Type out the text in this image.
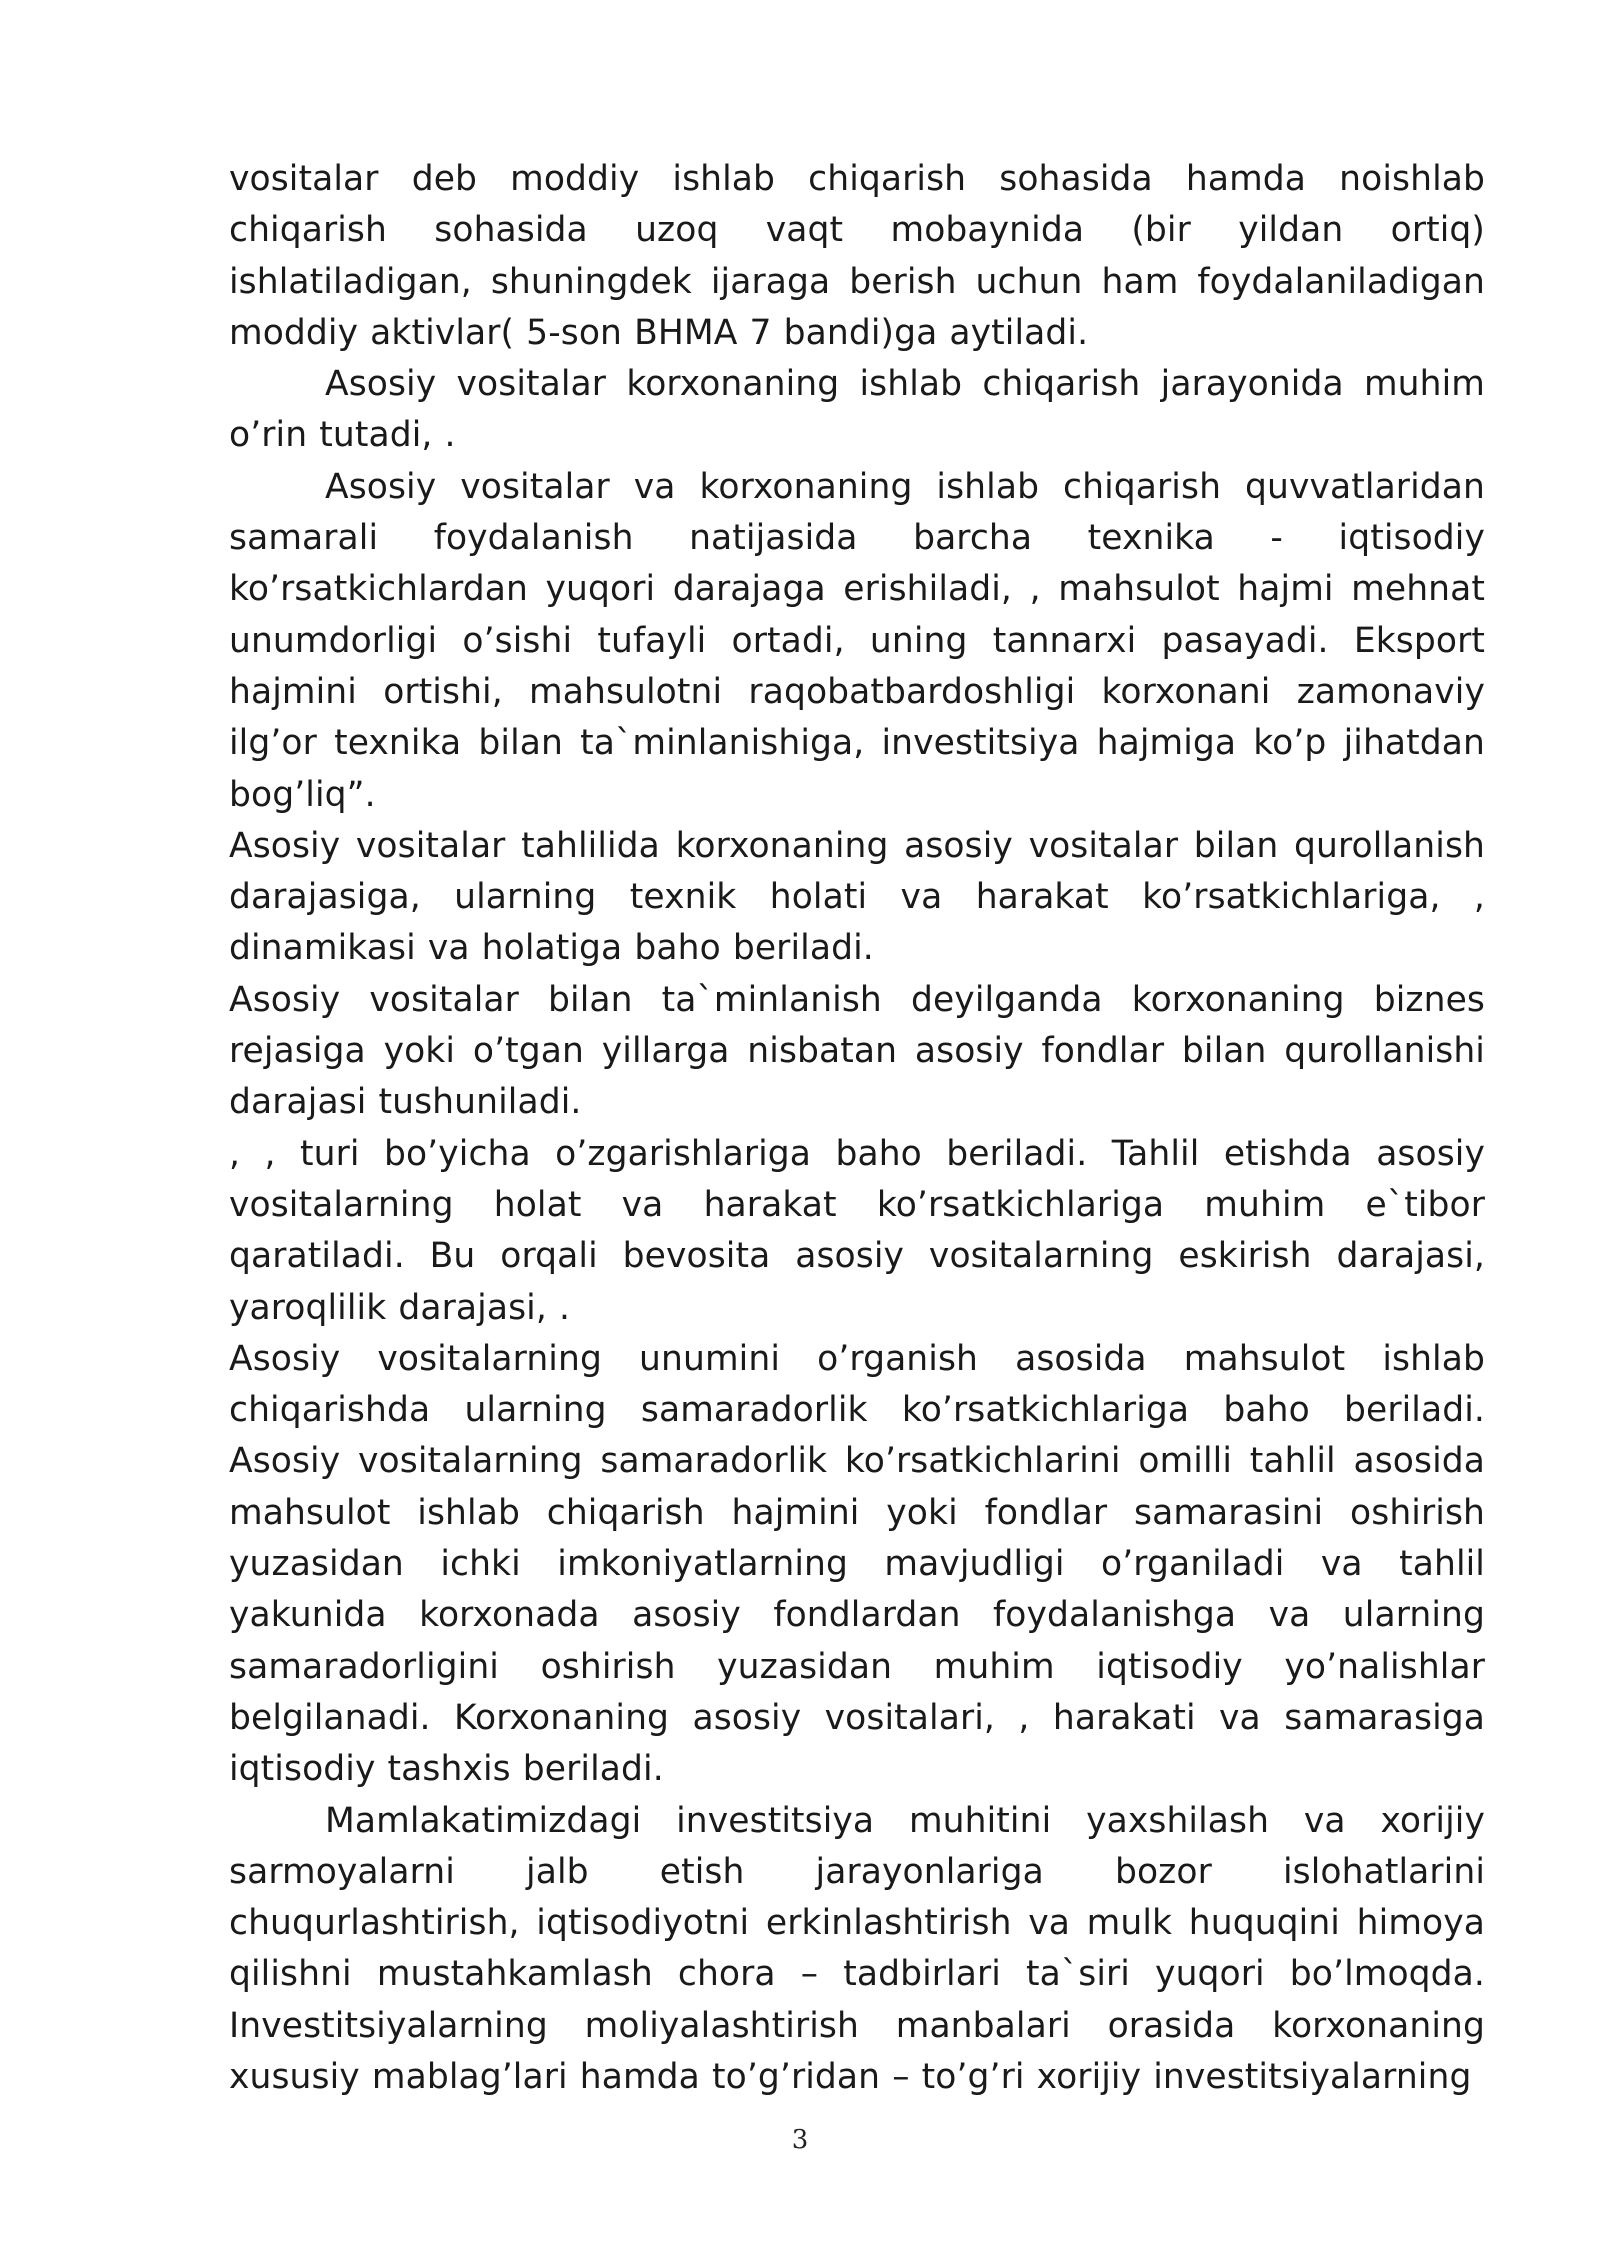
vositalar deb moddiy ishlab chiqarish sohasida hamda noishlab chiqarish sohasida uzoq vaqt mobaynida (bir yildan ortiq) ishlatiladigan, shuningdek ijaraga berish uchun ham foydalaniladigan moddiy aktivlar( 5-son BHMA 7 bandi)ga aytiladi.

Asosiy vositalar korxonaning ishlab chiqarish jarayonida muhim o’rin tutadi, .

Asosiy vositalar va korxonaning ishlab chiqarish quvvatlaridan samarali foydalanish natijasida barcha texnika - iqtisodiy ko’rsatkichlardan yuqori darajaga erishiladi, , mahsulot hajmi mehnat unumdorligi o’sishi tufayli ortadi, uning tannarxi pasayadi. Eksport hajmini ortishi, mahsulotni raqobatbardoshligi korxonani zamonaviy ilg’or texnika bilan ta`minlanishiga, investitsiya hajmiga ko’p jihatdan bog’liq”.

Asosiy vositalar tahlilida korxonaning asosiy vositalar bilan qurollanish darajasiga, ularning texnik holati va harakat ko’rsatkichlariga, , dinamikasi va holatiga baho beriladi.

Asosiy vositalar bilan ta`minlanish deyilganda korxonaning biznes rejasiga yoki o’tgan yillarga nisbatan asosiy fondlar bilan qurollanishi darajasi tushuniladi.

, , turi bo’yicha o’zgarishlariga baho beriladi. Tahlil etishda asosiy vositalarning holat va harakat ko’rsatkichlariga muhim e`tibor qaratiladi. Bu orqali bevosita asosiy vositalarning eskirish darajasi, yaroqlilik darajasi, .

Asosiy vositalarning unumini o’rganish asosida mahsulot ishlab chiqarishda ularning samaradorlik ko’rsatkichlariga baho beriladi. Asosiy vositalarning samaradorlik ko’rsatkichlarini omilli tahlil asosida mahsulot ishlab chiqarish hajmini yoki fondlar samarasini oshirish yuzasidan ichki imkoniyatlarning mavjudligi o’rganiladi va tahlil yakunida korxonada asosiy fondlardan foydalanishga va ularning samaradorligini oshirish yuzasidan muhim iqtisodiy yo’nalishlar belgilanadi. Korxonaning asosiy vositalari, , harakati va samarasiga iqtisodiy tashxis beriladi.

Mamlakatimizdagi investitsiya muhitini yaxshilash va xorijiy sarmoyalarni jalb etish jarayonlariga bozor islohatlarini chuqurlashtirish, iqtisodiyotni erkinlashtirish va mulk huquqini himoya qilishni mustahkamlash chora – tadbirlari ta`siri yuqori bo’lmoqda. Investitsiyalarning moliyalashtirish manbalari orasida korxonaning xususiy mablag’lari hamda to’g’ridan – to’g’ri xorijiy investitsiyalarning

3
